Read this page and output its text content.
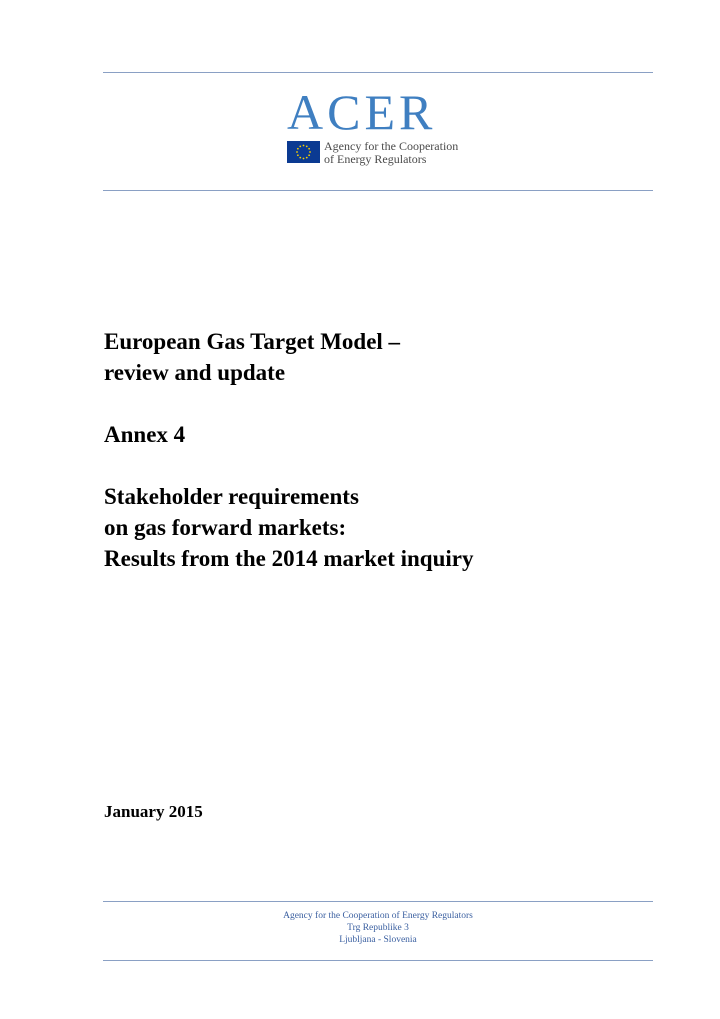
ACER
Agency for the Cooperation
of Energy Regulators
European Gas Target Model –
review and update
Annex 4
Stakeholder requirements
on gas forward markets:
Results from the 2014 market inquiry
January 2015
Agency for the Cooperation of Energy Regulators
Trg Republike 3
Ljubljana - Slovenia
